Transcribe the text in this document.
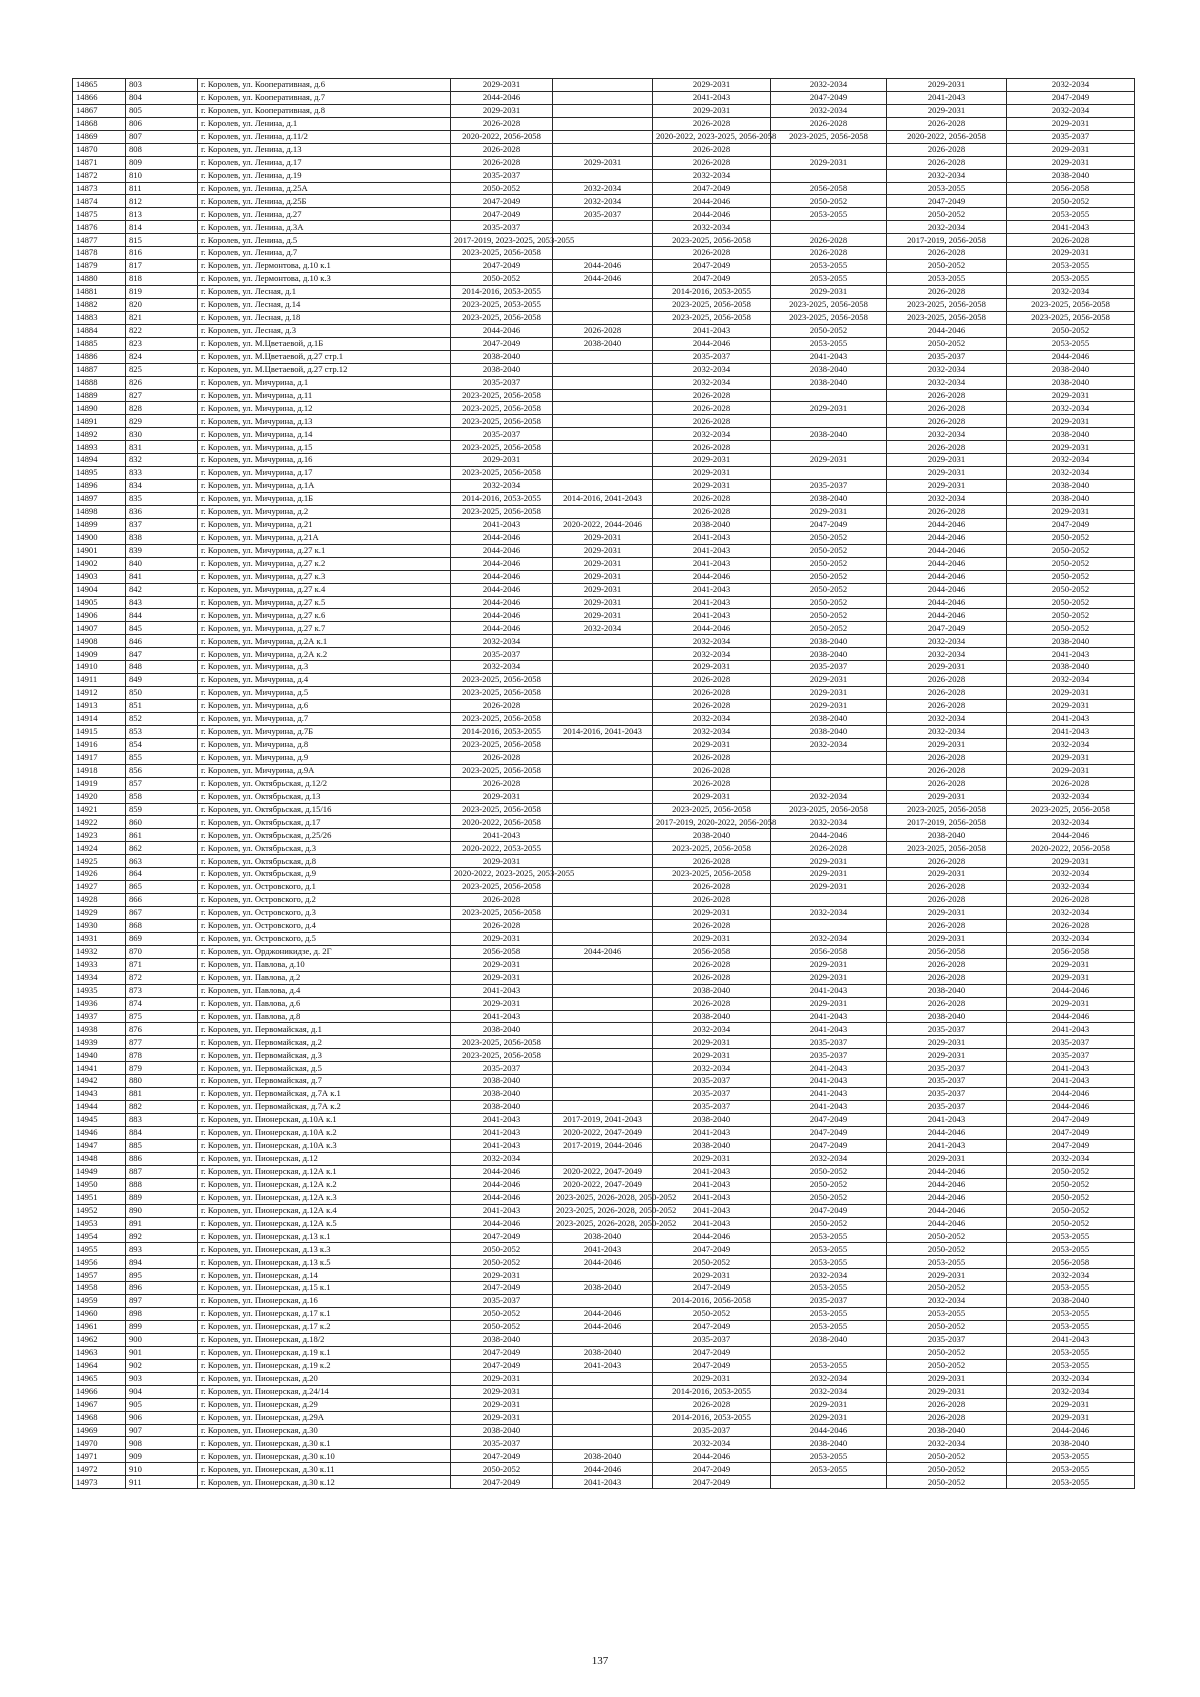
14865	803	г. Королев, ул. Кооперативная, д.6	2029-2031		2029-2031	2032-2034	2029-2031	2032-2034
14866	804	г. Королев, ул. Кооперативная, д.7	2044-2046		2041-2043	2047-2049	2041-2043	2047-2049
14867	805	г. Королев, ул. Кооперативная, д.8	2029-2031		2029-2031	2032-2034	2029-2031	2032-2034
14868	806	г. Королев, ул. Ленина, д.1	2026-2028		2026-2028	2026-2028	2026-2028	2029-2031
14869	807	г. Королев, ул. Ленина, д.11/2	2020-2022, 2056-2058		2020-2022, 2023-2025, 2056-2058	2023-2025, 2056-2058	2020-2022, 2056-2058	2035-2037
14870	808	г. Королев, ул. Ленина, д.13	2026-2028		2026-2028		2026-2028	2029-2031
14871	809	г. Королев, ул. Ленина, д.17	2026-2028	2029-2031	2026-2028	2029-2031	2026-2028	2029-2031
14872	810	г. Королев, ул. Ленина, д.19	2035-2037		2032-2034		2032-2034	2038-2040
14873	811	г. Королев, ул. Ленина, д.25А	2050-2052	2032-2034	2047-2049	2056-2058	2053-2055	2056-2058
14874	812	г. Королев, ул. Ленина, д.25Б	2047-2049	2032-2034	2044-2046	2050-2052	2047-2049	2050-2052
14875	813	г. Королев, ул. Ленина, д.27	2047-2049	2035-2037	2044-2046	2053-2055	2050-2052	2053-2055
14876	814	г. Королев, ул. Ленина, д.3А	2035-2037		2032-2034		2032-2034	2041-2043
14877	815	г. Королев, ул. Ленина, д.5	2017-2019, 2023-2025, 2053-2055		2023-2025, 2056-2058	2026-2028	2017-2019, 2056-2058	2026-2028
14878	816	г. Королев, ул. Ленина, д.7	2023-2025, 2056-2058		2026-2028	2026-2028	2026-2028	2029-2031
14879	817	г. Королев, ул. Лермонтова, д.10 к.1	2047-2049	2044-2046	2047-2049	2053-2055	2050-2052	2053-2055
14880	818	г. Королев, ул. Лермонтова, д.10 к.3	2050-2052	2044-2046	2047-2049	2053-2055	2053-2055	2053-2055
14881	819	г. Королев, ул. Лесная, д.1	2014-2016, 2053-2055		2014-2016, 2053-2055	2029-2031	2026-2028	2032-2034
14882	820	г. Королев, ул. Лесная, д.14	2023-2025, 2053-2055		2023-2025, 2056-2058	2023-2025, 2056-2058	2023-2025, 2056-2058	2023-2025, 2056-2058
14883	821	г. Королев, ул. Лесная, д.18	2023-2025, 2056-2058		2023-2025, 2056-2058	2023-2025, 2056-2058	2023-2025, 2056-2058	2023-2025, 2056-2058
14884	822	г. Королев, ул. Лесная, д.3	2044-2046	2026-2028	2041-2043	2050-2052	2044-2046	2050-2052
14885	823	г. Королев, ул. М.Цветаевой, д.1Б	2047-2049	2038-2040	2044-2046	2053-2055	2050-2052	2053-2055
14886	824	г. Королев, ул. М.Цветаевой, д.27 стр.1	2038-2040		2035-2037	2041-2043	2035-2037	2044-2046
14887	825	г. Королев, ул. М.Цветаевой, д.27 стр.12	2038-2040		2032-2034	2038-2040	2032-2034	2038-2040
14888	826	г. Королев, ул. Мичурина, д.1	2035-2037		2032-2034	2038-2040	2032-2034	2038-2040
14889	827	г. Королев, ул. Мичурина, д.11	2023-2025, 2056-2058		2026-2028		2026-2028	2029-2031
14890	828	г. Королев, ул. Мичурина, д.12	2023-2025, 2056-2058		2026-2028	2029-2031	2026-2028	2032-2034
14891	829	г. Королев, ул. Мичурина, д.13	2023-2025, 2056-2058		2026-2028		2026-2028	2029-2031
14892	830	г. Королев, ул. Мичурина, д.14	2035-2037		2032-2034	2038-2040	2032-2034	2038-2040
14893	831	г. Королев, ул. Мичурина, д.15	2023-2025, 2056-2058		2026-2028		2026-2028	2029-2031
14894	832	г. Королев, ул. Мичурина, д.16	2029-2031		2029-2031	2029-2031	2029-2031	2032-2034
14895	833	г. Королев, ул. Мичурина, д.17	2023-2025, 2056-2058		2029-2031		2029-2031	2032-2034
14896	834	г. Королев, ул. Мичурина, д.1А	2032-2034		2029-2031	2035-2037	2029-2031	2038-2040
14897	835	г. Королев, ул. Мичурина, д.1Б	2014-2016, 2053-2055	2014-2016, 2041-2043	2026-2028	2038-2040	2032-2034	2038-2040
14898	836	г. Королев, ул. Мичурина, д.2	2023-2025, 2056-2058		2026-2028	2029-2031	2026-2028	2029-2031
14899	837	г. Королев, ул. Мичурина, д.21	2041-2043	2020-2022, 2044-2046	2038-2040	2047-2049	2044-2046	2047-2049
14900	838	г. Королев, ул. Мичурина, д.21А	2044-2046	2029-2031	2041-2043	2050-2052	2044-2046	2050-2052
14901	839	г. Королев, ул. Мичурина, д.27 к.1	2044-2046	2029-2031	2041-2043	2050-2052	2044-2046	2050-2052
14902	840	г. Королев, ул. Мичурина, д.27 к.2	2044-2046	2029-2031	2041-2043	2050-2052	2044-2046	2050-2052
14903	841	г. Королев, ул. Мичурина, д.27 к.3	2044-2046	2029-2031	2044-2046	2050-2052	2044-2046	2050-2052
14904	842	г. Королев, ул. Мичурина, д.27 к.4	2044-2046	2029-2031	2041-2043	2050-2052	2044-2046	2050-2052
14905	843	г. Королев, ул. Мичурина, д.27 к.5	2044-2046	2029-2031	2041-2043	2050-2052	2044-2046	2050-2052
14906	844	г. Королев, ул. Мичурина, д.27 к.6	2044-2046	2029-2031	2041-2043	2050-2052	2044-2046	2050-2052
14907	845	г. Королев, ул. Мичурина, д.27 к.7	2044-2046	2032-2034	2044-2046	2050-2052	2047-2049	2050-2052
14908	846	г. Королев, ул. Мичурина, д.2А к.1	2032-2034		2032-2034	2038-2040	2032-2034	2038-2040
14909	847	г. Королев, ул. Мичурина, д.2А к.2	2035-2037		2032-2034	2038-2040	2032-2034	2041-2043
14910	848	г. Королев, ул. Мичурина, д.3	2032-2034		2029-2031	2035-2037	2029-2031	2038-2040
14911	849	г. Королев, ул. Мичурина, д.4	2023-2025, 2056-2058		2026-2028	2029-2031	2026-2028	2032-2034
14912	850	г. Королев, ул. Мичурина, д.5	2023-2025, 2056-2058		2026-2028	2029-2031	2026-2028	2029-2031
14913	851	г. Королев, ул. Мичурина, д.6	2026-2028		2026-2028	2029-2031	2026-2028	2029-2031
14914	852	г. Королев, ул. Мичурина, д.7	2023-2025, 2056-2058		2032-2034	2038-2040	2032-2034	2041-2043
14915	853	г. Королев, ул. Мичурина, д.7Б	2014-2016, 2053-2055	2014-2016, 2041-2043	2032-2034	2038-2040	2032-2034	2041-2043
14916	854	г. Королев, ул. Мичурина, д.8	2023-2025, 2056-2058		2029-2031	2032-2034	2029-2031	2032-2034
14917	855	г. Королев, ул. Мичурина, д.9	2026-2028		2026-2028		2026-2028	2029-2031
14918	856	г. Королев, ул. Мичурина, д.9А	2023-2025, 2056-2058		2026-2028		2026-2028	2029-2031
14919	857	г. Королев, ул. Октябрьская, д.12/2	2026-2028		2026-2028		2026-2028	2026-2028
14920	858	г. Королев, ул. Октябрьская, д.13	2029-2031		2029-2031	2032-2034	2029-2031	2032-2034
14921	859	г. Королев, ул. Октябрьская, д.15/16	2023-2025, 2056-2058		2023-2025, 2056-2058	2023-2025, 2056-2058	2023-2025, 2056-2058	2023-2025, 2056-2058
14922	860	г. Королев, ул. Октябрьская, д.17	2020-2022, 2056-2058		2017-2019, 2020-2022, 2056-2058	2032-2034	2017-2019, 2056-2058	2032-2034
14923	861	г. Королев, ул. Октябрьская, д.25/26	2041-2043		2038-2040	2044-2046	2038-2040	2044-2046
14924	862	г. Королев, ул. Октябрьская, д.3	2020-2022, 2053-2055		2023-2025, 2056-2058	2026-2028	2023-2025, 2056-2058	2020-2022, 2056-2058
14925	863	г. Королев, ул. Октябрьская, д.8	2029-2031		2026-2028	2029-2031	2026-2028	2029-2031
14926	864	г. Королев, ул. Октябрьская, д.9	2020-2022, 2023-2025, 2053-2055		2023-2025, 2056-2058	2029-2031	2029-2031	2032-2034
14927	865	г. Королев, ул. Островского, д.1	2023-2025, 2056-2058		2026-2028	2029-2031	2026-2028	2032-2034
14928	866	г. Королев, ул. Островского, д.2	2026-2028		2026-2028		2026-2028	2026-2028
14929	867	г. Королев, ул. Островского, д.3	2023-2025, 2056-2058		2029-2031	2032-2034	2029-2031	2032-2034
14930	868	г. Королев, ул. Островского, д.4	2026-2028		2026-2028		2026-2028	2026-2028
14931	869	г. Королев, ул. Островского, д.5	2029-2031		2029-2031	2032-2034	2029-2031	2032-2034
14932	870	г. Королев, ул. Орджоникидзе, д. 2Г	2056-2058	2044-2046	2056-2058	2056-2058	2056-2058	2056-2058
14933	871	г. Королев, ул. Павлова, д.10	2029-2031		2026-2028	2029-2031	2026-2028	2029-2031
14934	872	г. Королев, ул. Павлова, д.2	2029-2031		2026-2028	2029-2031	2026-2028	2029-2031
14935	873	г. Королев, ул. Павлова, д.4	2041-2043		2038-2040	2041-2043	2038-2040	2044-2046
14936	874	г. Королев, ул. Павлова, д.6	2029-2031		2026-2028	2029-2031	2026-2028	2029-2031
14937	875	г. Королев, ул. Павлова, д.8	2041-2043		2038-2040	2041-2043	2038-2040	2044-2046
14938	876	г. Королев, ул. Первомайская, д.1	2038-2040		2032-2034	2041-2043	2035-2037	2041-2043
14939	877	г. Королев, ул. Первомайская, д.2	2023-2025, 2056-2058		2029-2031	2035-2037	2029-2031	2035-2037
14940	878	г. Королев, ул. Первомайская, д.3	2023-2025, 2056-2058		2029-2031	2035-2037	2029-2031	2035-2037
14941	879	г. Королев, ул. Первомайская, д.5	2035-2037		2032-2034	2041-2043	2035-2037	2041-2043
14942	880	г. Королев, ул. Первомайская, д.7	2038-2040		2035-2037	2041-2043	2035-2037	2041-2043
14943	881	г. Королев, ул. Первомайская, д.7А к.1	2038-2040		2035-2037	2041-2043	2035-2037	2044-2046
14944	882	г. Королев, ул. Первомайская, д.7А к.2	2038-2040		2035-2037	2041-2043	2035-2037	2044-2046
14945	883	г. Королев, ул. Пионерская, д.10А к.1	2041-2043	2017-2019, 2041-2043	2038-2040	2047-2049	2041-2043	2047-2049
14946	884	г. Королев, ул. Пионерская, д.10А к.2	2041-2043	2020-2022, 2047-2049	2041-2043	2047-2049	2044-2046	2047-2049
14947	885	г. Королев, ул. Пионерская, д.10А к.3	2041-2043	2017-2019, 2044-2046	2038-2040	2047-2049	2041-2043	2047-2049
14948	886	г. Королев, ул. Пионерская, д.12	2032-2034		2029-2031	2032-2034	2029-2031	2032-2034
14949	887	г. Королев, ул. Пионерская, д.12А к.1	2044-2046	2020-2022, 2047-2049	2041-2043	2050-2052	2044-2046	2050-2052
14950	888	г. Королев, ул. Пионерская, д.12А к.2	2044-2046	2020-2022, 2047-2049	2041-2043	2050-2052	2044-2046	2050-2052
14951	889	г. Королев, ул. Пионерская, д.12А к.3	2044-2046	2023-2025, 2026-2028, 2050-2052	2041-2043	2050-2052	2044-2046	2050-2052
14952	890	г. Королев, ул. Пионерская, д.12А к.4	2041-2043	2023-2025, 2026-2028, 2050-2052	2041-2043	2047-2049	2044-2046	2050-2052
14953	891	г. Королев, ул. Пионерская, д.12А к.5	2044-2046	2023-2025, 2026-2028, 2050-2052	2041-2043	2050-2052	2044-2046	2050-2052
14954	892	г. Королев, ул. Пионерская, д.13 к.1	2047-2049	2038-2040	2044-2046	2053-2055	2050-2052	2053-2055
14955	893	г. Королев, ул. Пионерская, д.13 к.3	2050-2052	2041-2043	2047-2049	2053-2055	2050-2052	2053-2055
14956	894	г. Королев, ул. Пионерская, д.13 к.5	2050-2052	2044-2046	2050-2052	2053-2055	2053-2055	2056-2058
14957	895	г. Королев, ул. Пионерская, д.14	2029-2031		2029-2031	2032-2034	2029-2031	2032-2034
14958	896	г. Королев, ул. Пионерская, д.15 к.1	2047-2049	2038-2040	2047-2049	2053-2055	2050-2052	2053-2055
14959	897	г. Королев, ул. Пионерская, д.16	2035-2037		2014-2016, 2056-2058	2035-2037	2032-2034	2038-2040
14960	898	г. Королев, ул. Пионерская, д.17 к.1	2050-2052	2044-2046	2050-2052	2053-2055	2053-2055	2053-2055
14961	899	г. Королев, ул. Пионерская, д.17 к.2	2050-2052	2044-2046	2047-2049	2053-2055	2050-2052	2053-2055
14962	900	г. Королев, ул. Пионерская, д.18/2	2038-2040		2035-2037	2038-2040	2035-2037	2041-2043
14963	901	г. Королев, ул. Пионерская, д.19 к.1	2047-2049	2038-2040	2047-2049		2050-2052	2053-2055
14964	902	г. Королев, ул. Пионерская, д.19 к.2	2047-2049	2041-2043	2047-2049	2053-2055	2050-2052	2053-2055
14965	903	г. Королев, ул. Пионерская, д.20	2029-2031		2029-2031	2032-2034	2029-2031	2032-2034
14966	904	г. Королев, ул. Пионерская, д.24/14	2029-2031		2014-2016, 2053-2055	2032-2034	2029-2031	2032-2034
14967	905	г. Королев, ул. Пионерская, д.29	2029-2031		2026-2028	2029-2031	2026-2028	2029-2031
14968	906	г. Королев, ул. Пионерская, д.29А	2029-2031		2014-2016, 2053-2055	2029-2031	2026-2028	2029-2031
14969	907	г. Королев, ул. Пионерская, д.30	2038-2040		2035-2037	2044-2046	2038-2040	2044-2046
14970	908	г. Королев, ул. Пионерская, д.30 к.1	2035-2037		2032-2034	2038-2040	2032-2034	2038-2040
14971	909	г. Королев, ул. Пионерская, д.30 к.10	2047-2049	2038-2040	2044-2046	2053-2055	2050-2052	2053-2055
14972	910	г. Королев, ул. Пионерская, д.30 к.11	2050-2052	2044-2046	2047-2049	2053-2055	2050-2052	2053-2055
14973	911	г. Королев, ул. Пионерская, д.30 к.12	2047-2049	2041-2043	2047-2049		2050-2052	2053-2055
137
